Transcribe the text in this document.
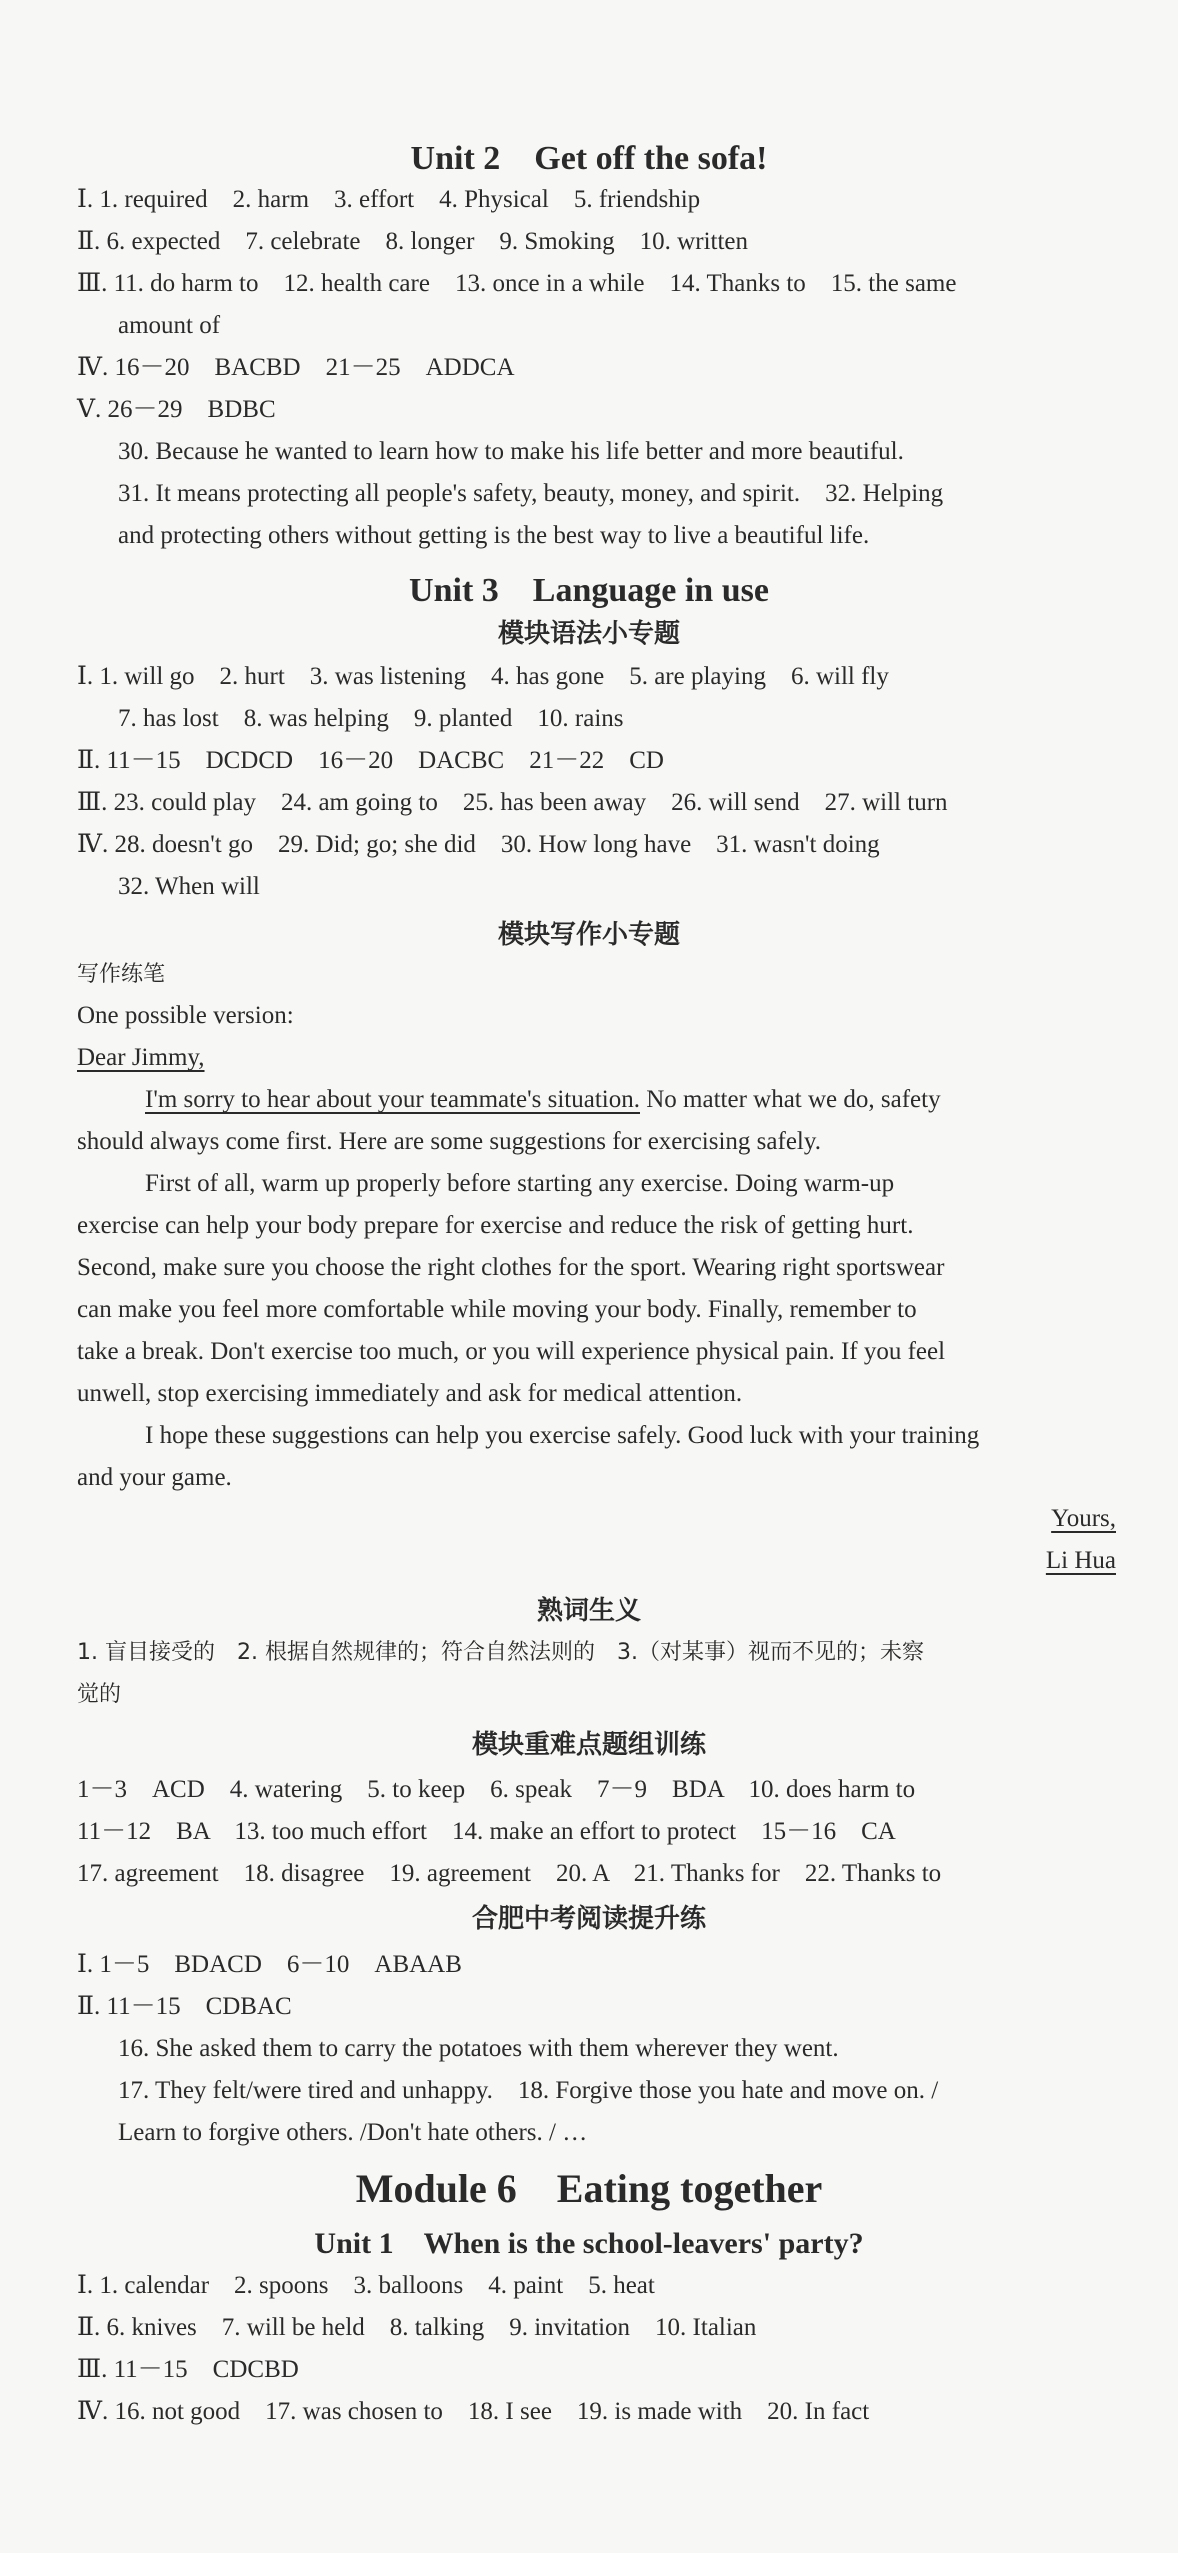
Unit 2　Get off the sofa!
Ⅰ. 1. required　2. harm　3. effort　4. Physical　5. friendship
Ⅱ. 6. expected　7. celebrate　8. longer　9. Smoking　10. written
Ⅲ. 11. do harm to　12. health care　13. once in a while　14. Thanks to　15. the same
amount of
Ⅳ. 16－20　BACBD　21－25　ADDCA
Ⅴ. 26－29　BDBC
30. Because he wanted to learn how to make his life better and more beautiful.
31. It means protecting all people's safety, beauty, money, and spirit.　32. Helping
and protecting others without getting is the best way to live a beautiful life.
Unit 3　Language in use
模块语法小专题
Ⅰ. 1. will go　2. hurt　3. was listening　4. has gone　5. are playing　6. will fly
7. has lost　8. was helping　9. planted　10. rains
Ⅱ. 11－15　DCDCD　16－20　DACBC　21－22　CD
Ⅲ. 23. could play　24. am going to　25. has been away　26. will send　27. will turn
Ⅳ. 28. doesn't go　29. Did; go; she did　30. How long have　31. wasn't doing
32. When will
模块写作小专题
写作练笔
One possible version:
Dear Jimmy,
I'm sorry to hear about your teammate's situation. No matter what we do, safety
should always come first. Here are some suggestions for exercising safely.
First of all, warm up properly before starting any exercise. Doing warm-up
exercise can help your body prepare for exercise and reduce the risk of getting hurt.
Second, make sure you choose the right clothes for the sport. Wearing right sportswear
can make you feel more comfortable while moving your body. Finally, remember to
take a break. Don't exercise too much, or you will experience physical pain. If you feel
unwell, stop exercising immediately and ask for medical attention.
I hope these suggestions can help you exercise safely. Good luck with your training
and your game.
Yours,
Li Hua
熟词生义
1. 盲目接受的　2. 根据自然规律的；符合自然法则的　3.（对某事）视而不见的；未察
觉的
模块重难点题组训练
1－3　ACD　4. watering　5. to keep　6. speak　7－9　BDA　10. does harm to
11－12　BA　13. too much effort　14. make an effort to protect　15－16　CA
17. agreement　18. disagree　19. agreement　20. A　21. Thanks for　22. Thanks to
合肥中考阅读提升练
Ⅰ. 1－5　BDACD　6－10　ABAAB
Ⅱ. 11－15　CDBAC
16. She asked them to carry the potatoes with them wherever they went.
17. They felt/were tired and unhappy.　18. Forgive those you hate and move on. /
Learn to forgive others. /Don't hate others. / …
Module 6　Eating together
Unit 1　When is the school-leavers' party?
Ⅰ. 1. calendar　2. spoons　3. balloons　4. paint　5. heat
Ⅱ. 6. knives　7. will be held　8. talking　9. invitation　10. Italian
Ⅲ. 11－15　CDCBD
Ⅳ. 16. not good　17. was chosen to　18. I see　19. is made with　20. In fact
